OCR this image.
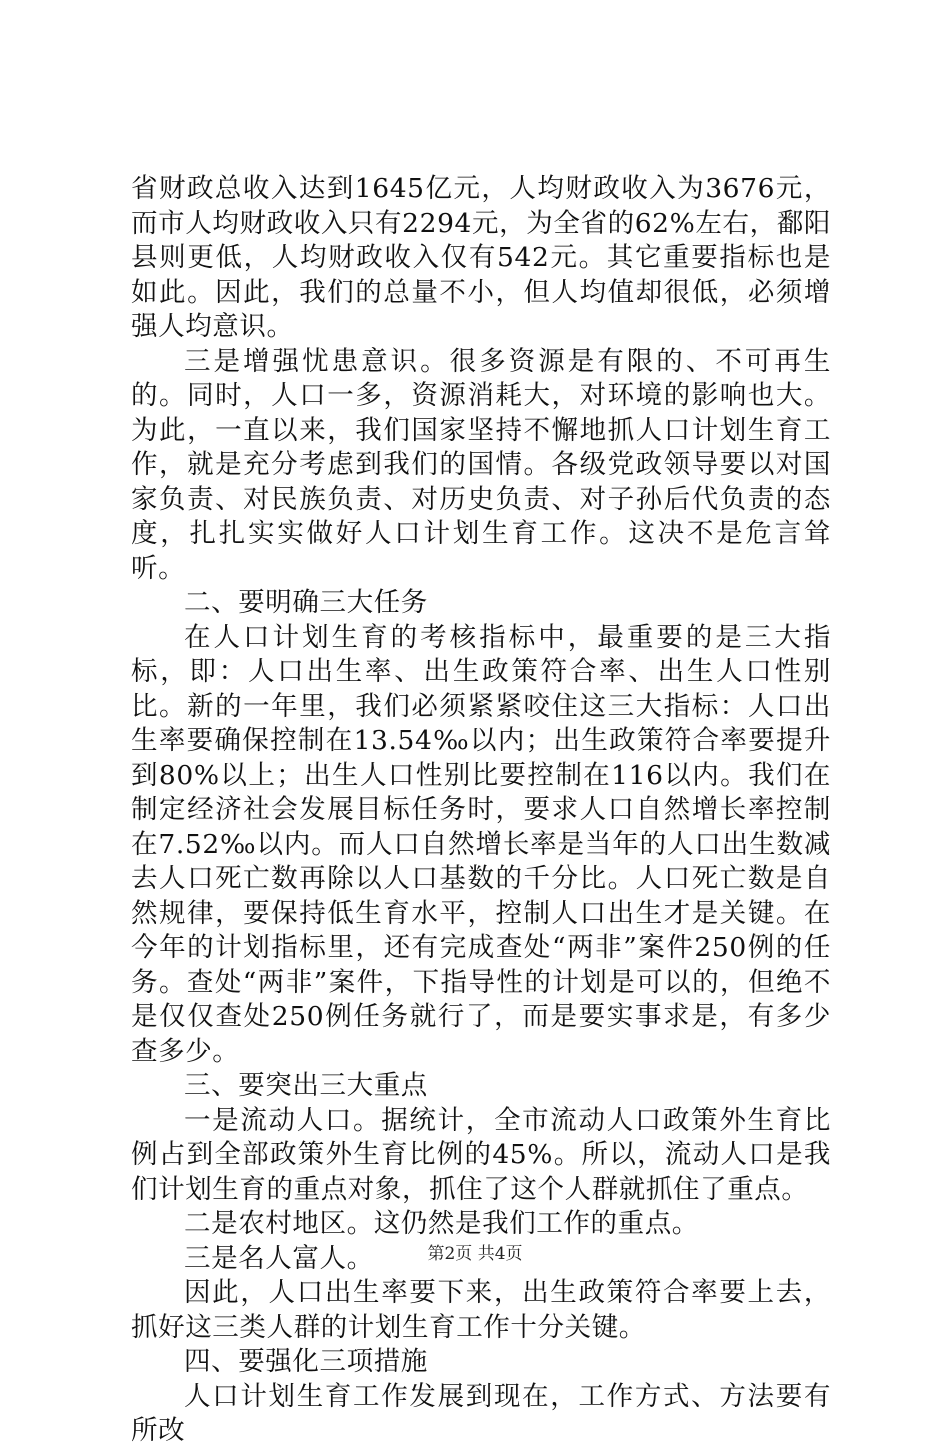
省财政总收入达到1645亿元，人均财政收入为3676元，而市人均财政收入只有2294元，为全省的62%左右，鄱阳县则更低，人均财政收入仅有542元。其它重要指标也是如此。因此，我们的总量不小，但人均值却很低，必须增强人均意识。

三是增强忧患意识。很多资源是有限的、不可再生的。同时，人口一多，资源消耗大，对环境的影响也大。为此，一直以来，我们国家坚持不懈地抓人口计划生育工作，就是充分考虑到我们的国情。各级党政领导要以对国家负责、对民族负责、对历史负责、对子孙后代负责的态度，扎扎实实做好人口计划生育工作。这决不是危言耸听。

二、要明确三大任务

在人口计划生育的考核指标中，最重要的是三大指标，即：人口出生率、出生政策符合率、出生人口性别比。新的一年里，我们必须紧紧咬住这三大指标：人口出生率要确保控制在13.54‰以内；出生政策符合率要提升到80%以上；出生人口性别比要控制在116以内。我们在制定经济社会发展目标任务时，要求人口自然增长率控制在7.52‰以内。而人口自然增长率是当年的人口出生数减去人口死亡数再除以人口基数的千分比。人口死亡数是自然规律，要保持低生育水平，控制人口出生才是关键。在今年的计划指标里，还有完成查处“两非”案件250例的任务。查处“两非”案件，下指导性的计划是可以的，但绝不是仅仅查处250例任务就行了，而是要实事求是，有多少查多少。

三、要突出三大重点

一是流动人口。据统计，全市流动人口政策外生育比例占到全部政策外生育比例的45%。所以，流动人口是我们计划生育的重点对象，抓住了这个人群就抓住了重点。

二是农村地区。这仍然是我们工作的重点。

三是名人富人。

因此，人口出生率要下来，出生政策符合率要上去，抓好这三类人群的计划生育工作十分关键。

四、要强化三项措施

人口计划生育工作发展到现在，工作方式、方法要有所改

第2页 共4页
